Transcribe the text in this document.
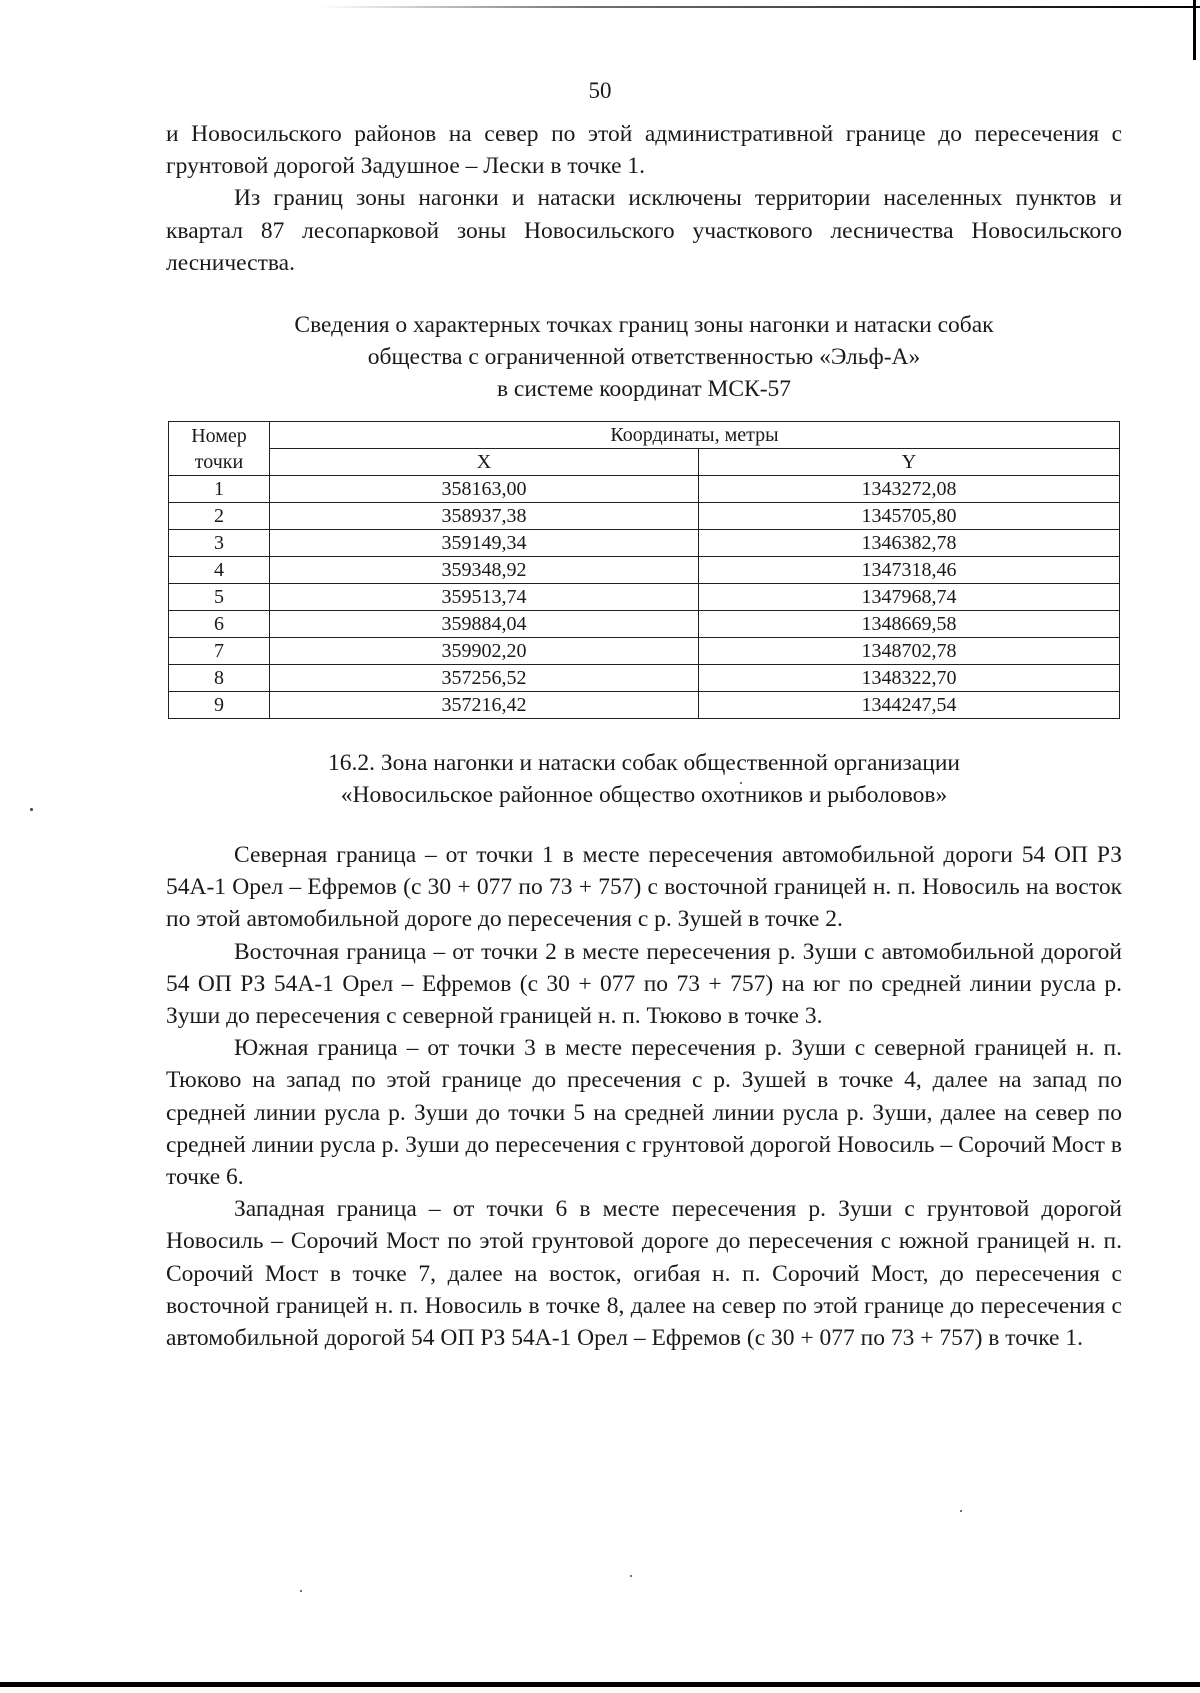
50

и Новосильского районов на север по этой административной границе до пересечения с грунтовой дорогой Задушное – Лески в точке 1.

Из границ зоны нагонки и натаски исключены территории населенных пунктов и квартал 87 лесопарковой зоны Новосильского участкового лесничества Новосильского лесничества.

Сведения о характерных точках границ зоны нагонки и натаски собак
общества с ограниченной ответственностью «Эльф-А»
в системе координат МСК-57
Номер точки	Координаты, метры	
	X	Y
1	358163,00	1343272,08
2	358937,38	1345705,80
3	359149,34	1346382,78
4	359348,92	1347318,46
5	359513,74	1347968,74
6	359884,04	1348669,58
7	359902,20	1348702,78
8	357256,52	1348322,70
9	357216,42	1344247,54
16.2. Зона нагонки и натаски собак общественной организации
«Новосильское районное общество охотников и рыболовов»

Северная граница – от точки 1 в месте пересечения автомобильной дороги 54 ОП РЗ 54А-1 Орел – Ефремов (с 30 + 077 по 73 + 757) с восточной границей н. п. Новосиль на восток по этой автомобильной дороге до пересечения с р. Зушей в точке 2.

Восточная граница – от точки 2 в месте пересечения р. Зуши с автомобильной дорогой 54 ОП РЗ 54А-1 Орел – Ефремов (с 30 + 077 по 73 + 757) на юг по средней линии русла р. Зуши до пересечения с северной границей н. п. Тюково в точке 3.

Южная граница – от точки 3 в месте пересечения р. Зуши с северной границей н. п. Тюково на запад по этой границе до пресечения с р. Зушей в точке 4, далее на запад по средней линии русла р. Зуши до точки 5 на средней линии русла р. Зуши, далее на север по средней линии русла р. Зуши до пересечения с грунтовой дорогой Новосиль – Сорочий Мост в точке 6.

Западная граница – от точки 6 в месте пересечения р. Зуши с грунтовой дорогой Новосиль – Сорочий Мост по этой грунтовой дороге до пересечения с южной границей н. п. Сорочий Мост в точке 7, далее на восток, огибая н. п. Сорочий Мост, до пересечения с восточной границей н. п. Новосиль в точке 8, далее на север по этой границе до пересечения с автомобильной дорогой 54 ОП РЗ 54А-1 Орел – Ефремов (с 30 + 077 по 73 + 757) в точке 1.
